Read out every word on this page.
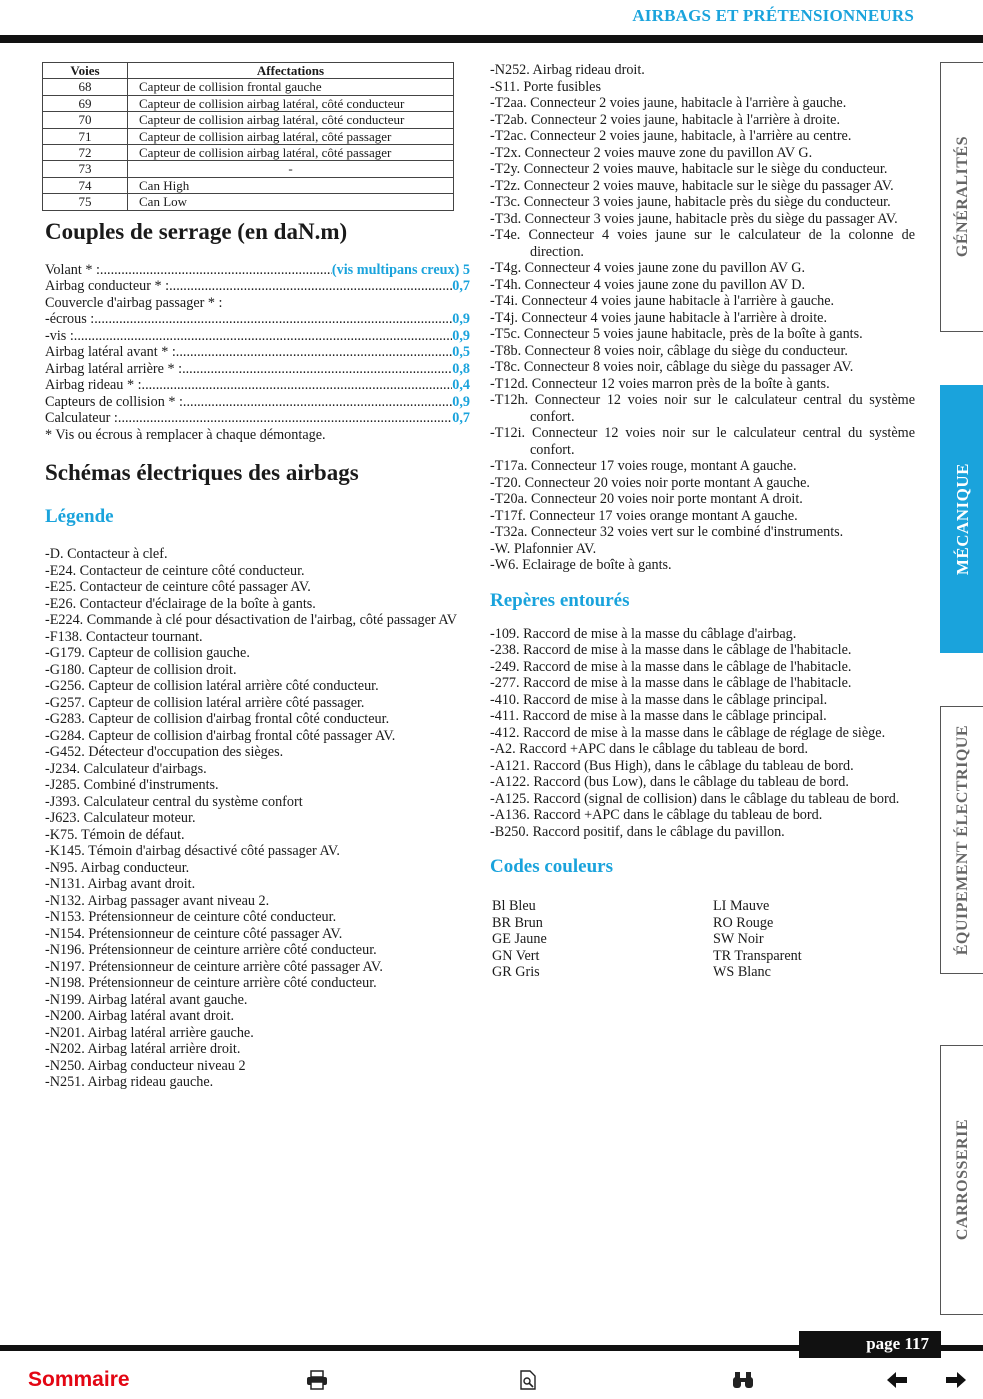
AIRBAGS ET PRÉTENSIONNEURS
GÉNÉRALITÉS
MÉCANIQUE
ÉQUIPEMENT ÉLECTRIQUE
CARROSSERIE
Voies	Affectations
68	Capteur de collision frontal gauche
69	Capteur de collision airbag latéral, côté conducteur
70	Capteur de collision airbag latéral, côté conducteur
71	Capteur de collision airbag latéral, côté passager
72	Capteur de collision airbag latéral, côté passager
73	-
74	Can High
75	Can Low
Couples de serrage (en daN.m)
Volant * : .....	(vis multipans creux) 5
Airbag conducteur * : .....	0,7
Couvercle d'airbag passager * :
-écrous : .....	0,9
-vis : .....	0,9
Airbag latéral avant * : .....	0,5
Airbag latéral arrière * : .....	0,8
Airbag rideau * : .....	0,4
Capteurs de collision * : .....	0,9
Calculateur : .....	0,7
* Vis ou écrous à remplacer à chaque démontage.
Schémas électriques des airbags
Légende
-D. Contacteur à clef.
-E24. Contacteur de ceinture côté conducteur.
-E25. Contacteur de ceinture côté passager AV.
-E26. Contacteur d'éclairage de la boîte à gants.
-E224. Commande à clé pour désactivation de l'airbag, côté passager AV
-F138. Contacteur tournant.
-G179. Capteur de collision gauche.
-G180. Capteur de collision droit.
-G256. Capteur de collision latéral arrière côté conducteur.
-G257. Capteur de collision latéral arrière côté passager.
-G283. Capteur de collision d'airbag frontal côté conducteur.
-G284. Capteur de collision d'airbag frontal côté passager AV.
-G452. Détecteur d'occupation des sièges.
-J234. Calculateur d'airbags.
-J285. Combiné d'instruments.
-J393. Calculateur central du système confort
-J623. Calculateur moteur.
-K75. Témoin de défaut.
-K145. Témoin d'airbag désactivé côté passager AV.
-N95. Airbag conducteur.
-N131. Airbag avant droit.
-N132. Airbag passager avant niveau 2.
-N153. Prétensionneur de ceinture côté conducteur.
-N154. Prétensionneur de ceinture côté passager AV.
-N196. Prétensionneur de ceinture arrière côté conducteur.
-N197. Prétensionneur de ceinture arrière côté passager AV.
-N198. Prétensionneur de ceinture arrière côté conducteur.
-N199. Airbag latéral avant gauche.
-N200. Airbag latéral avant droit.
-N201. Airbag latéral arrière gauche.
-N202. Airbag latéral arrière droit.
-N250. Airbag conducteur niveau 2
-N251. Airbag rideau gauche.
-N252. Airbag rideau droit.
-S11. Porte fusibles
-T2aa. Connecteur 2 voies jaune, habitacle à l'arrière à gauche.
-T2ab. Connecteur 2 voies jaune, habitacle à l'arrière à droite.
-T2ac. Connecteur 2 voies jaune, habitacle, à l'arrière au centre.
-T2x. Connecteur 2 voies mauve zone du pavillon AV G.
-T2y. Connecteur 2 voies mauve, habitacle sur le siège du conducteur.
-T2z. Connecteur 2 voies mauve, habitacle sur le siège du passager AV.
-T3c. Connecteur 3 voies jaune, habitacle près du siège du conducteur.
-T3d. Connecteur 3 voies jaune, habitacle près du siège du passager AV.
-T4e. Connecteur 4 voies jaune sur le calculateur de la colonne de direction.
-T4g. Connecteur 4 voies jaune zone du pavillon AV G.
-T4h. Connecteur 4 voies jaune zone du pavillon AV D.
-T4i. Connecteur 4 voies jaune habitacle à l'arrière à gauche.
-T4j. Connecteur 4 voies jaune habitacle à l'arrière à droite.
-T5c. Connecteur 5 voies jaune habitacle, près de la boîte à gants.
-T8b. Connecteur 8 voies noir, câblage du siège du conducteur.
-T8c. Connecteur 8 voies noir, câblage du siège du passager AV.
-T12d. Connecteur 12 voies marron près de la boîte à gants.
-T12h. Connecteur 12 voies noir sur le calculateur central du système confort.
-T12i. Connecteur 12 voies noir sur le calculateur central du système confort.
-T17a. Connecteur 17 voies rouge, montant A gauche.
-T20. Connecteur 20 voies noir porte montant A gauche.
-T20a. Connecteur 20 voies noir porte montant A droit.
-T17f. Connecteur 17 voies orange montant A gauche.
-T32a. Connecteur 32 voies vert sur le combiné d'instruments.
-W. Plafonnier AV.
-W6. Eclairage de boîte à gants.
Repères entourés
-109. Raccord de mise à la masse du câblage d'airbag.
-238. Raccord de mise à la masse dans le câblage de l'habitacle.
-249. Raccord de mise à la masse dans le câblage de l'habitacle.
-277. Raccord de mise à la masse dans le câblage de l'habitacle.
-410. Raccord de mise à la masse dans le câblage principal.
-411. Raccord de mise à la masse dans le câblage principal.
-412. Raccord de mise à la masse dans le câblage de réglage de siège.
-A2. Raccord +APC dans le câblage du tableau de bord.
-A121. Raccord (Bus High), dans le câblage du tableau de bord.
-A122. Raccord (bus Low), dans le câblage du tableau de bord.
-A125. Raccord (signal de collision) dans le câblage du tableau de bord.
-A136. Raccord +APC dans le câblage du tableau de bord.
-B250. Raccord positif, dans le câblage du pavillon.
Codes couleurs
Bl Bleu	LI Mauve
BR Brun	RO Rouge
GE Jaune	SW Noir
GN Vert	TR Transparent
GR Gris	WS Blanc
page 117
Sommaire
